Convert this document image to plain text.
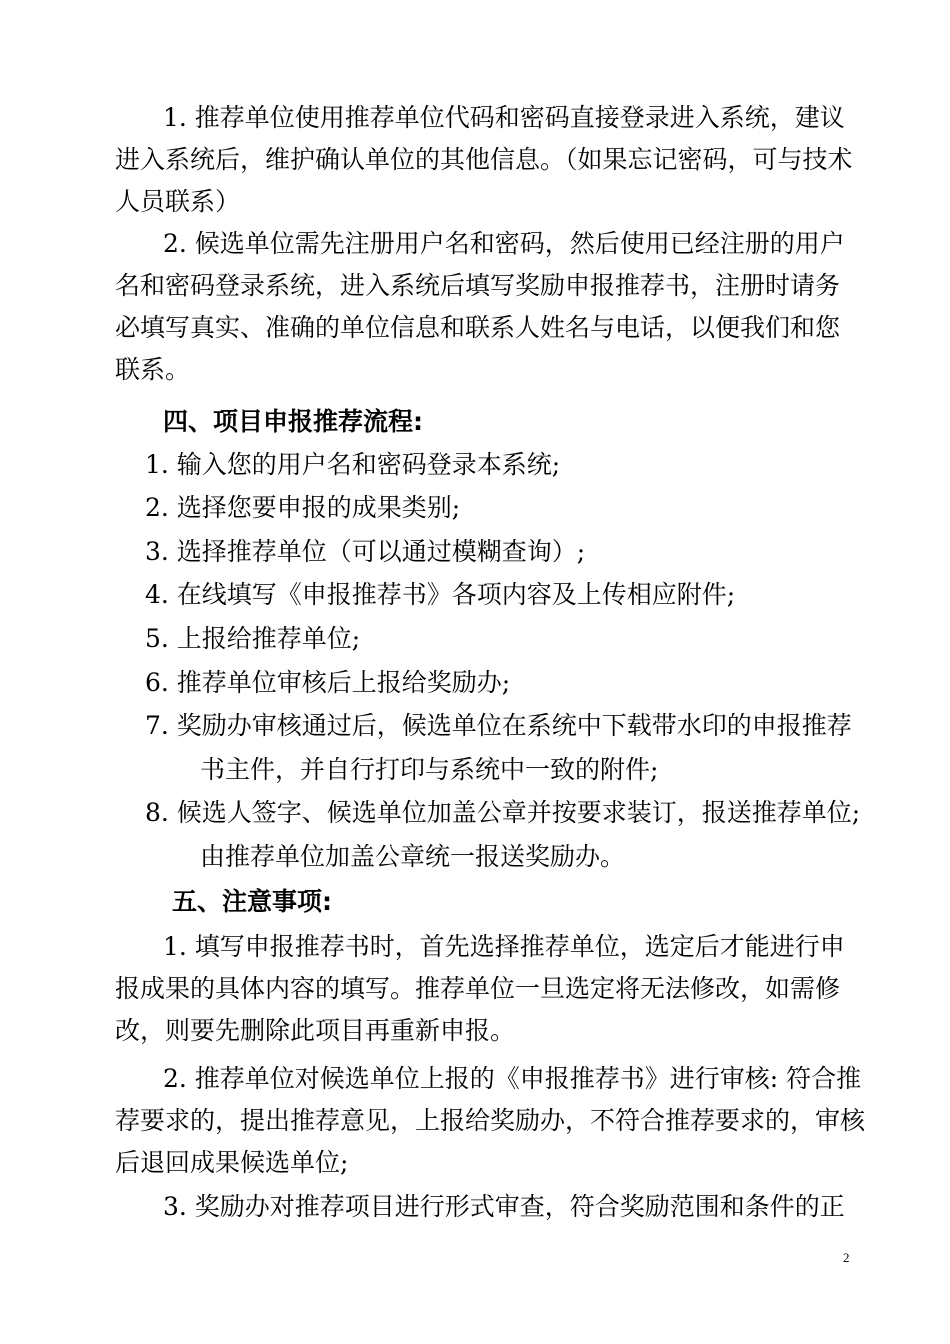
1. 推荐单位使用推荐单位代码和密码直接登录进入系统，建议
进入系统后，维护确认单位的其他信息。（如果忘记密码，可与技术
人员联系）
2. 候选单位需先注册用户名和密码，然后使用已经注册的用户
名和密码登录系统，进入系统后填写奖励申报推荐书，注册时请务
必填写真实、准确的单位信息和联系人姓名与电话，以便我们和您
联系。
四、项目申报推荐流程:
1. 输入您的用户名和密码登录本系统;
2. 选择您要申报的成果类别;
3. 选择推荐单位（可以通过模糊查询）;
4. 在线填写《申报推荐书》各项内容及上传相应附件;
5. 上报给推荐单位;
6. 推荐单位审核后上报给奖励办;
7. 奖励办审核通过后，候选单位在系统中下载带水印的申报推荐
书主件，并自行打印与系统中一致的附件;
8. 候选人签字、候选单位加盖公章并按要求装订，报送推荐单位;
由推荐单位加盖公章统一报送奖励办。
五、注意事项:
1. 填写申报推荐书时，首先选择推荐单位，选定后才能进行申
报成果的具体内容的填写。推荐单位一旦选定将无法修改，如需修
改，则要先删除此项目再重新申报。
2. 推荐单位对候选单位上报的《申报推荐书》进行审核: 符合推
荐要求的，提出推荐意见，上报给奖励办，不符合推荐要求的，审核
后退回成果候选单位;
3. 奖励办对推荐项目进行形式审查，符合奖励范围和条件的正
2
